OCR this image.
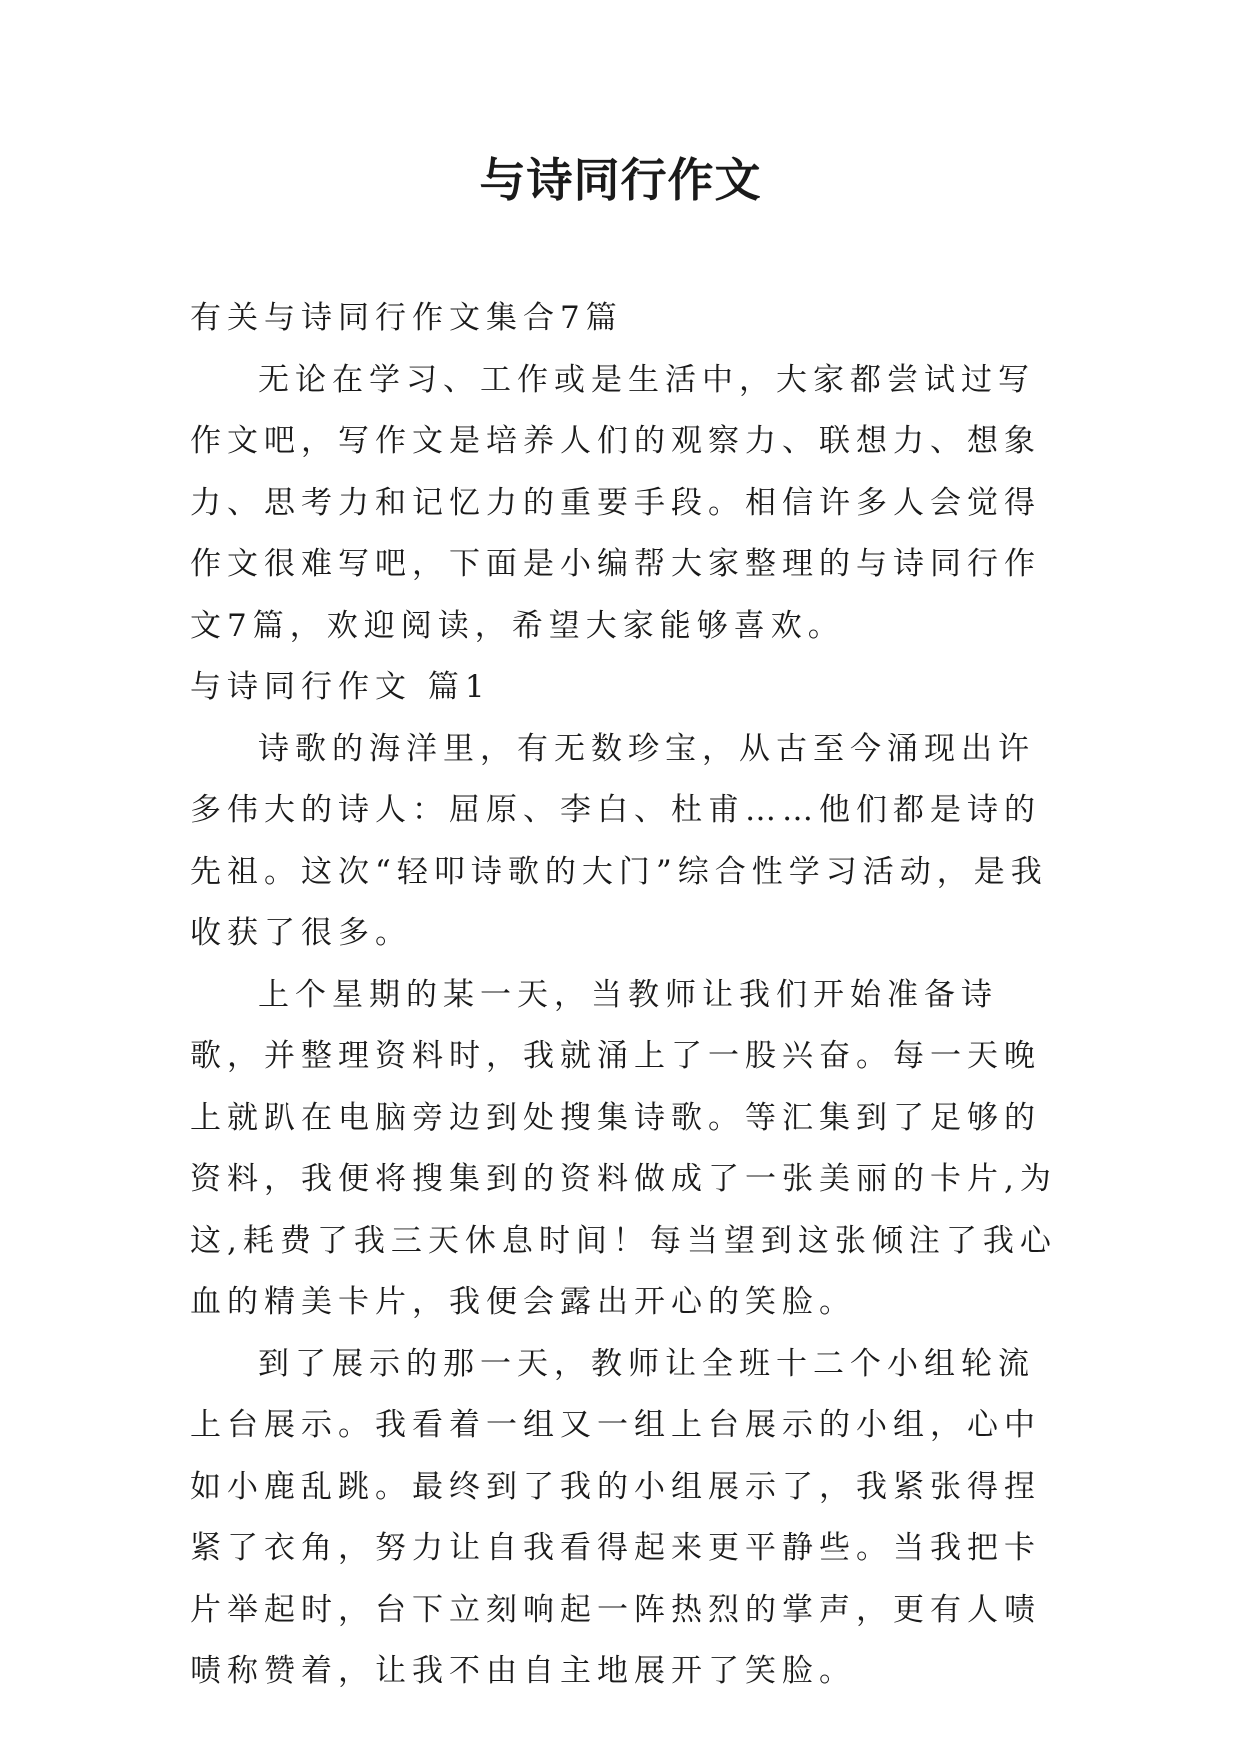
与诗同行作文

有关与诗同行作文集合7篇

无论在学习、工作或是生活中，大家都尝试过写作文吧，写作文是培养人们的观察力、联想力、想象力、思考力和记忆力的重要手段。相信许多人会觉得作文很难写吧，下面是小编帮大家整理的与诗同行作文7篇，欢迎阅读，希望大家能够喜欢。

与诗同行作文 篇1

诗歌的海洋里，有无数珍宝，从古至今涌现出许多伟大的诗人：屈原、李白、杜甫……他们都是诗的先祖。这次“轻叩诗歌的大门”综合性学习活动，是我收获了很多。

上个星期的某一天，当教师让我们开始准备诗歌，并整理资料时，我就涌上了一股兴奋。每一天晚上就趴在电脑旁边到处搜集诗歌。等汇集到了足够的资料，我便将搜集到的资料做成了一张美丽的卡片,为这,耗费了我三天休息时间！每当望到这张倾注了我心血的精美卡片，我便会露出开心的笑脸。

到了展示的那一天，教师让全班十二个小组轮流上台展示。我看着一组又一组上台展示的小组，心中如小鹿乱跳。最终到了我的小组展示了，我紧张得捏紧了衣角，努力让自我看得起来更平静些。当我把卡片举起时，台下立刻响起一阵热烈的掌声，更有人啧啧称赞着，让我不由自主地展开了笑脸。
